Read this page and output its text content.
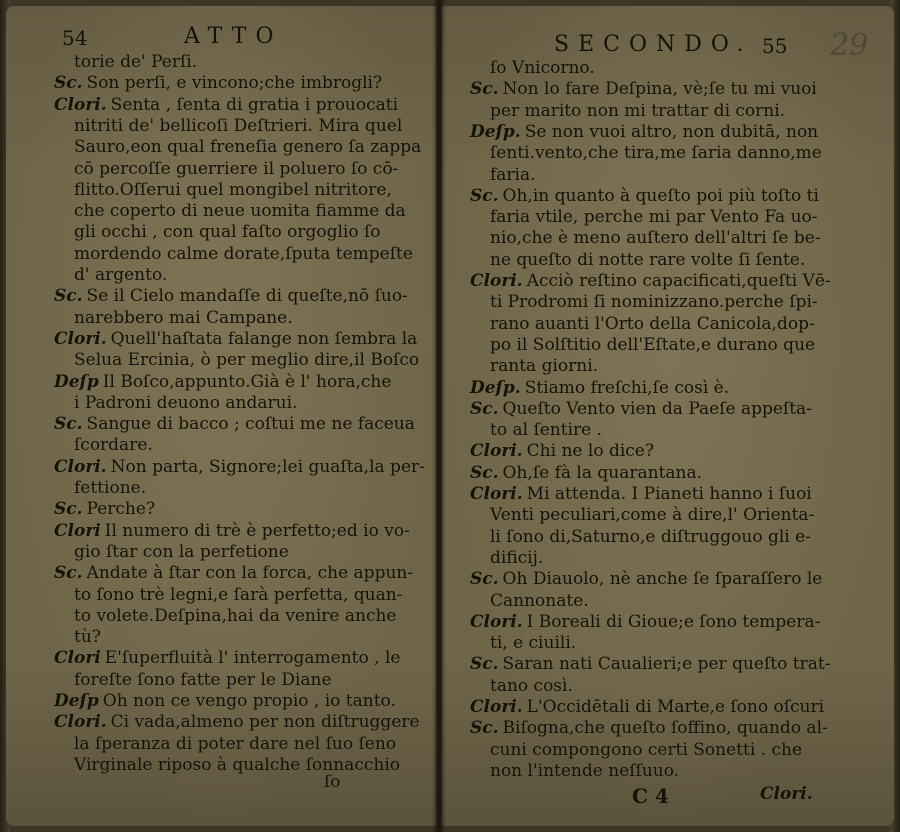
54	ATTO
torie de' Perſi.
Sc. Son perſi, e vincono;che imbrogli?
Clori. Senta , ſenta di gratia i prouocati
nitriti de' bellicoſi Deſtrieri. Mira quel
Sauro,eon qual freneſia genero ſa zappa
cō percoſſe guerriere il poluero ſo cō-
flitto.Oſſerui quel mongibel nitritore,
che coperto di neue uomita fiamme da
gli occhi , con qual faſto orgoglio ſo
mordendo calme dorate,ſputa tempeſte
d' argento.
Sc. Se il Cielo mandaſſe di queſte,nō ſuo-
narebbero mai Campane.
Clori. Quell'haſtata falange non ſembra la
Selua Ercinia, ò per meglio dire,il Boſco
Deſp Il Boſco,appunto.Già è l' hora,che
i Padroni deuono andarui.
Sc. Sangue di bacco ; coſtui me ne faceua
ſcordare.
Clori. Non parta, Signore;lei guaſta,la per-
fettione.
Sc. Perche?
Clori Il numero di trè è perfetto;ed io vo-
gio ſtar con la perfetione
Sc. Andate à ſtar con la forca, che appun-
to ſono trè legni,e ſarà perfetta, quan-
to volete.Deſpina,hai da venire anche
tù?
Clori E'ſuperfluità l' interrogamento , le
foreſte ſono fatte per le Diane
Deſp Oh non ce vengo propio , io tanto.
Clori. Ci vada,almeno per non diſtruggere
la ſperanza di poter dare nel ſuo ſeno
Virginale riposo à qualche ſonnacchio
ſo
SECONDO. 55 29
ſo Vnicorno.
Sc. Non lo fare Deſpina, vè;ſe tu mi vuoi
per marito non mi trattar di corni.
Deſp. Se non vuoi altro, non dubitā, non
ſenti.vento,che tira,me ſaria danno,me
faria.
Sc. Oh,in quanto à queſto poi più toſto ti
faria vtile, perche mi par Vento Fa uo-
nio,che è meno auſtero dell'altri ſe be-
ne queſto di notte rare volte ſi ſente.
Clori. Acciò reſtino capacificati,queſti Vē-
ti Prodromi ſi nominizzano.perche ſpi-
rano auanti l'Orto della Canicola,dop-
po il Solſtitio dell'Eſtate,e durano que
ranta giorni.
Deſp. Stiamo freſchi,ſe così è.
Sc. Queſto Vento vien da Paeſe appeſta-
to al ſentire .
Clori. Chi ne lo dice?
Sc. Oh,ſe fà la quarantana.
Clori. Mi attenda. I Pianeti hanno i ſuoi
Venti peculiari,come à dire,l' Orienta-
li ſono di,Saturno,e diſtruggouo gli e-
dificij.
Sc. Oh Diauolo, nè anche ſe ſparaſſero le
Cannonate.
Clori. I Boreali di Gioue;e ſono tempera-
ti, e ciuili.
Sc. Saran nati Caualieri;e per queſto trat-
tano così.
Clori. L'Occidētali di Marte,e ſono oſcuri
Sc. Biſogna,che queſto ſoffino, quando al-
cuni compongono certi Sonetti . che
non l'intende neſſuuo.
C 4	Clori.
